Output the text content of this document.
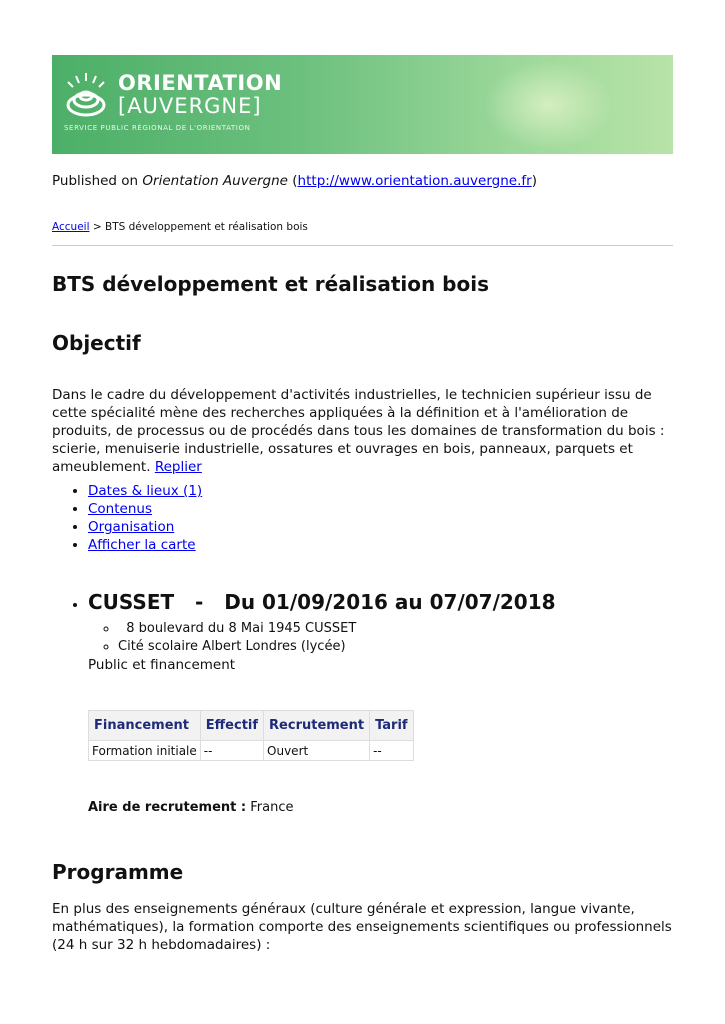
ORIENTATION
[AUVERGNE]
SERVICE PUBLIC RÉGIONAL DE L'ORIENTATION
Published on Orientation Auvergne (http://www.orientation.auvergne.fr)
Accueil > BTS développement et réalisation bois
BTS développement et réalisation bois
Objectif

Dans le cadre du développement d'activités industrielles, le technicien supérieur issu de cette spécialité mène des recherches appliquées à la définition et à l'amélioration de produits, de processus ou de procédés dans tous les domaines de transformation du bois : scierie, menuiserie industrielle, ossatures et ouvrages en bois, panneaux, parquets et ameublement. Replier

• Dates & lieux (1)
• Contenus
• Organisation
• Afficher la carte
• CUSSET   -   Du 01/09/2016 au 07/07/2018
◦   8 boulevard du 8 Mai 1945 CUSSET
◦ Cité scolaire Albert Londres (lycée)
Public et financement
Financement	Effectif	Recrutement	Tarif
Formation initiale	--	Ouvert	--
Aire de recrutement : France
Programme

En plus des enseignements généraux (culture générale et expression, langue vivante, mathématiques), la formation comporte des enseignements scientifiques ou professionnels (24 h sur 32 h hebdomadaires) :
